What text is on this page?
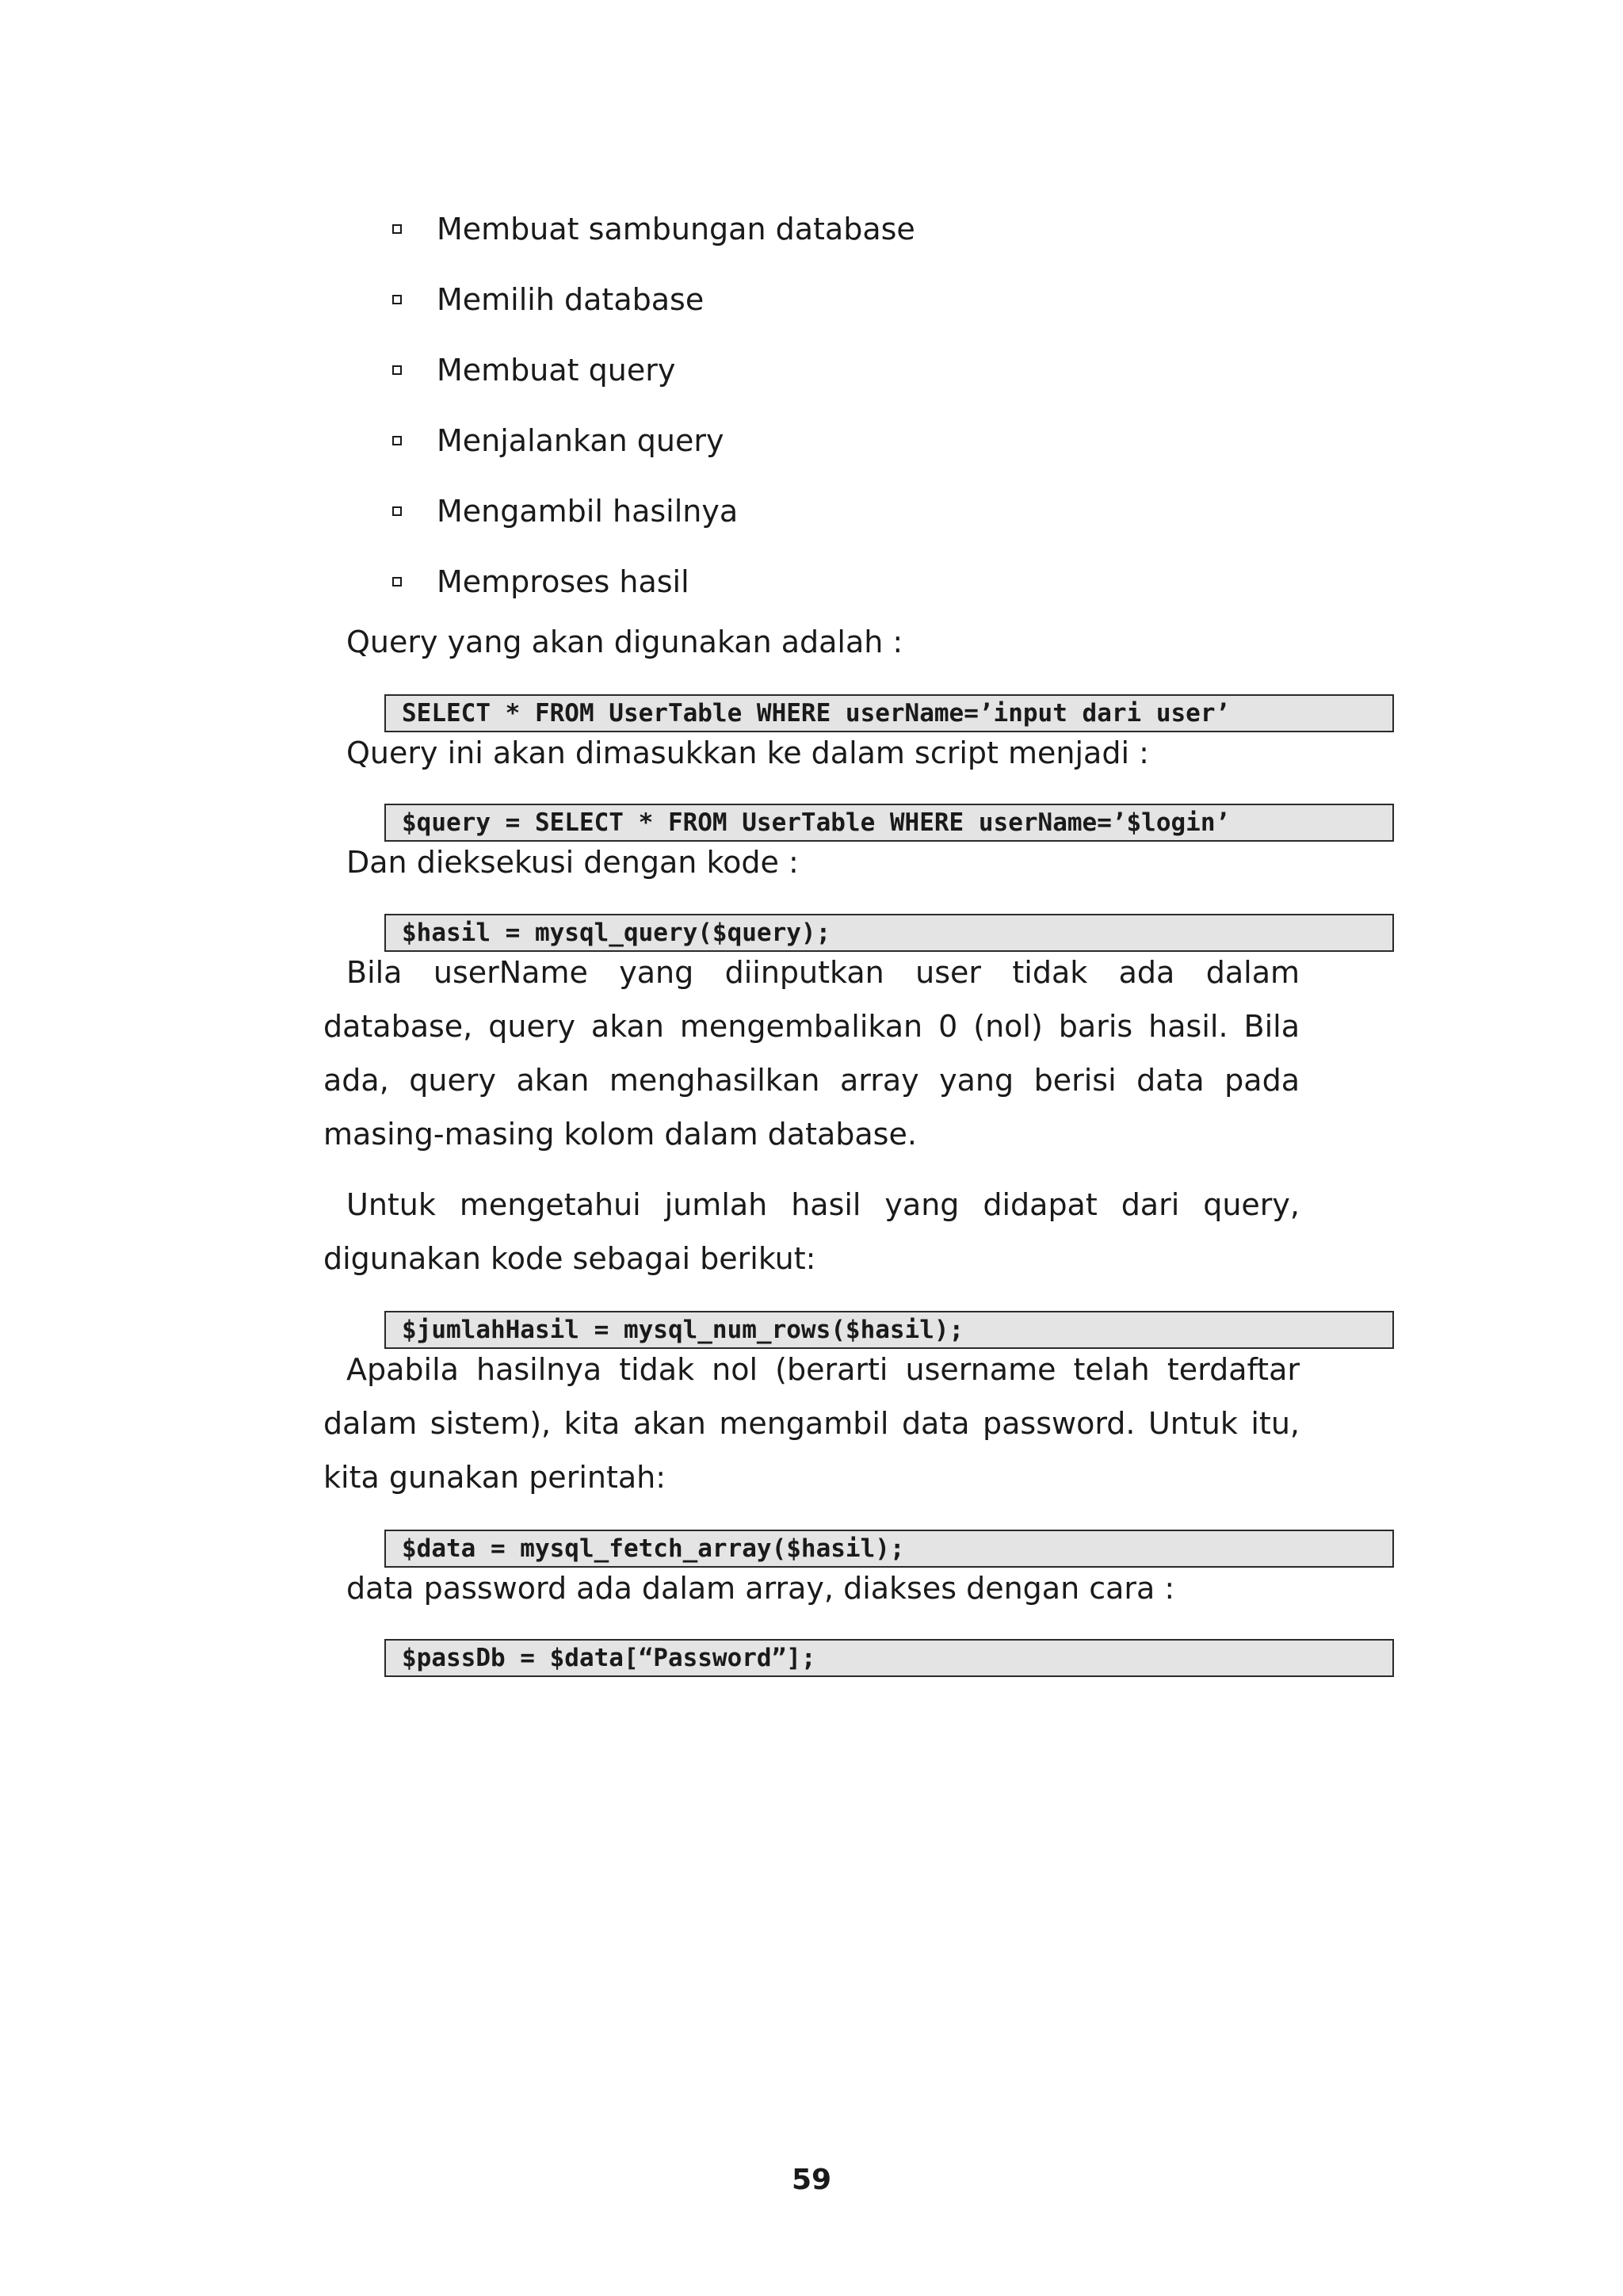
Membuat sambungan database
Memilih database
Membuat query
Menjalankan query
Mengambil hasilnya
Memproses hasil

Query yang akan digunakan adalah :

SELECT * FROM UserTable WHERE userName=’input dari user’

Query ini akan dimasukkan ke dalam script menjadi :

$query = SELECT * FROM UserTable WHERE userName=’$login’

Dan dieksekusi dengan kode :

$hasil = mysql_query($query);

Bila userName yang diinputkan user tidak ada dalam database, query akan mengembalikan 0 (nol) baris hasil. Bila ada, query akan menghasilkan array yang berisi data pada masing-masing kolom dalam database.

Untuk mengetahui jumlah hasil yang didapat dari query, digunakan kode sebagai berikut:

$jumlahHasil = mysql_num_rows($hasil);

Apabila hasilnya tidak nol (berarti username telah terdaftar dalam sistem), kita akan mengambil data password. Untuk itu, kita gunakan perintah:

$data = mysql_fetch_array($hasil);

data password ada dalam array, diakses dengan cara :

$passDb = $data[“Password”];
59
